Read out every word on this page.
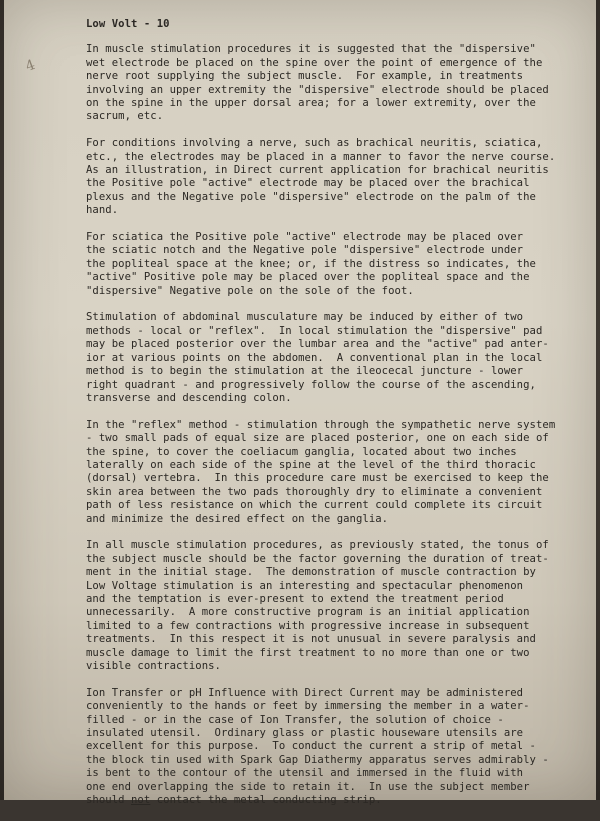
4
Low Volt - 10
In muscle stimulation procedures it is suggested that the "dispersive"
wet electrode be placed on the spine over the point of emergence of the
nerve root supplying the subject muscle.  For example, in treatments
involving an upper extremity the "dispersive" electrode should be placed
on the spine in the upper dorsal area; for a lower extremity, over the
sacrum, etc.
For conditions involving a nerve, such as brachical neuritis, sciatica,
etc., the electrodes may be placed in a manner to favor the nerve course.
As an illustration, in Direct current application for brachical neuritis
the Positive pole "active" electrode may be placed over the brachical
plexus and the Negative pole "dispersive" electrode on the palm of the
hand.
For sciatica the Positive pole "active" electrode may be placed over
the sciatic notch and the Negative pole "dispersive" electrode under
the popliteal space at the knee; or, if the distress so indicates, the
"active" Positive pole may be placed over the popliteal space and the
"dispersive" Negative pole on the sole of the foot.
Stimulation of abdominal musculature may be induced by either of two
methods - local or "reflex".  In local stimulation the "dispersive" pad
may be placed posterior over the lumbar area and the "active" pad anter-
ior at various points on the abdomen.  A conventional plan in the local
method is to begin the stimulation at the ileocecal juncture - lower
right quadrant - and progressively follow the course of the ascending,
transverse and descending colon.
In the "reflex" method - stimulation through the sympathetic nerve system
- two small pads of equal size are placed posterior, one on each side of
the spine, to cover the coeliacum ganglia, located about two inches
laterally on each side of the spine at the level of the third thoracic
(dorsal) vertebra.  In this procedure care must be exercised to keep the
skin area between the two pads thoroughly dry to eliminate a convenient
path of less resistance on which the current could complete its circuit
and minimize the desired effect on the ganglia.
In all muscle stimulation procedures, as previously stated, the tonus of
the subject muscle should be the factor governing the duration of treat-
ment in the initial stage.  The demonstration of muscle contraction by
Low Voltage stimulation is an interesting and spectacular phenomenon
and the temptation is ever-present to extend the treatment period
unnecessarily.  A more constructive program is an initial application
limited to a few contractions with progressive increase in subsequent
treatments.  In this respect it is not unusual in severe paralysis and
muscle damage to limit the first treatment to no more than one or two
visible contractions.
Ion Transfer or pH Influence with Direct Current may be administered
conveniently to the hands or feet by immersing the member in a water-
filled - or in the case of Ion Transfer, the solution of choice -
insulated utensil.  Ordinary glass or plastic houseware utensils are
excellent for this purpose.  To conduct the current a strip of metal -
the block tin used with Spark Gap Diathermy apparatus serves admirably -
is bent to the contour of the utensil and immersed in the fluid with
one end overlapping the side to retain it.  In use the subject member
should not contact the metal conducting strip.
